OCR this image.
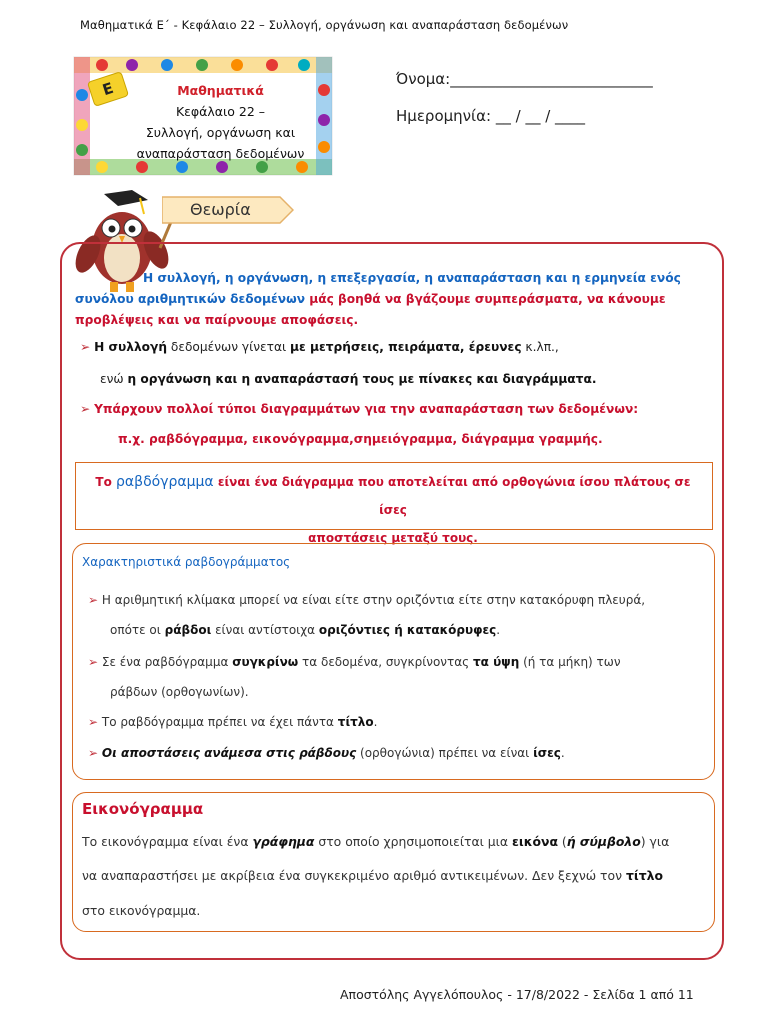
Μαθηματικά Ε΄ - Κεφάλαιο 22 – Συλλογή, οργάνωση και αναπαράσταση δεδομένων
Ε	Μαθηματικά
Κεφάλαιο 22 –
Συλλογή, οργάνωση και
αναπαράσταση δεδομένων
Όνομα:___________________________
Ημερομηνία: __ / __ / ____
Θεωρία
Η συλλογή, η οργάνωση, η επεξεργασία, η αναπαράσταση και η ερμηνεία ενός συνόλου αριθμητικών δεδομένων μάς βοηθά να βγάζουμε συμπεράσματα, να κάνουμε προβλέψεις και να παίρνουμε αποφάσεις.
➢ Η συλλογή δεδομένων γίνεται με μετρήσεις, πειράματα, έρευνες κ.λπ.,
ενώ η οργάνωση και η αναπαράστασή τους με πίνακες και διαγράμματα.
➢ Υπάρχουν πολλοί τύποι διαγραμμάτων για την αναπαράσταση των δεδομένων:
π.χ. ραβδόγραμμα, εικονόγραμμα,σημειόγραμμα, διάγραμμα γραμμής.
Το ραβδόγραμμα είναι ένα διάγραμμα που αποτελείται από ορθογώνια ίσου πλάτους σε ίσες
αποστάσεις μεταξύ τους.
Χαρακτηριστικά ραβδογράμματος
➢ Η αριθμητική κλίμακα μπορεί να είναι είτε στην οριζόντια είτε στην κατακόρυφη πλευρά,
οπότε οι ράβδοι είναι αντίστοιχα οριζόντιες ή κατακόρυφες.
➢ Σε ένα ραβδόγραμμα συγκρίνω τα δεδομένα, συγκρίνοντας τα ύψη (ή τα μήκη) των
ράβδων (ορθογωνίων).
➢ Το ραβδόγραμμα πρέπει να έχει πάντα τίτλο.
➢ Οι αποστάσεις ανάμεσα στις ράβδους (ορθογώνια) πρέπει να είναι ίσες.
Εικονόγραμμα
Το εικονόγραμμα είναι ένα γράφημα στο οποίο χρησιμοποιείται μια εικόνα (ή σύμβολο) για
να αναπαραστήσει με ακρίβεια ένα συγκεκριμένο αριθμό αντικειμένων. Δεν ξεχνώ τον τίτλο
στο εικονόγραμμα.
Αποστόλης Αγγελόπουλος - 17/8/2022 - Σελίδα 1 από 11
